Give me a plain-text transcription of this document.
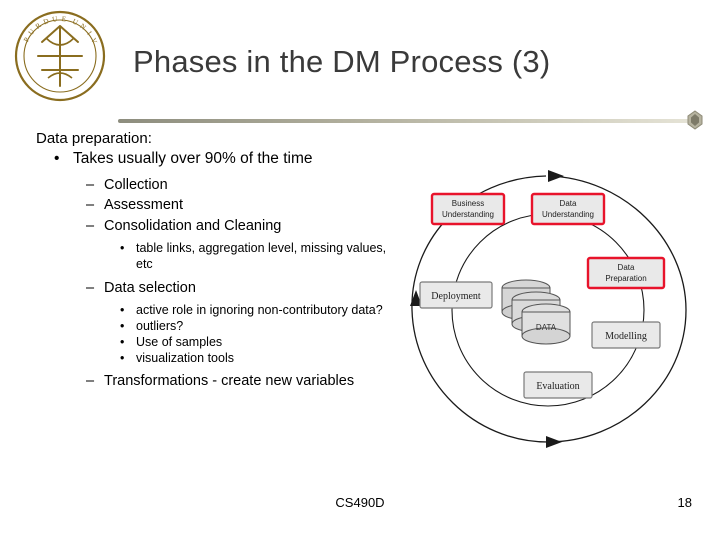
P
U
R D U E U N
I
V
Phases in the DM Process (3)

Data preparation:

• Takes usually over 90% of the time
– Collection
– Assessment
– Consolidation and Cleaning
• table links, aggregation level, missing values, etc
– Data selection
• active role in ignoring non-contributory data?
• outliers?
• Use of samples
• visualization tools
– Transformations - create new variables
DATA
Business
Understanding
Data
Understanding
Data
Preparation
Modelling
Evaluation
Deployment
CS490D	18
